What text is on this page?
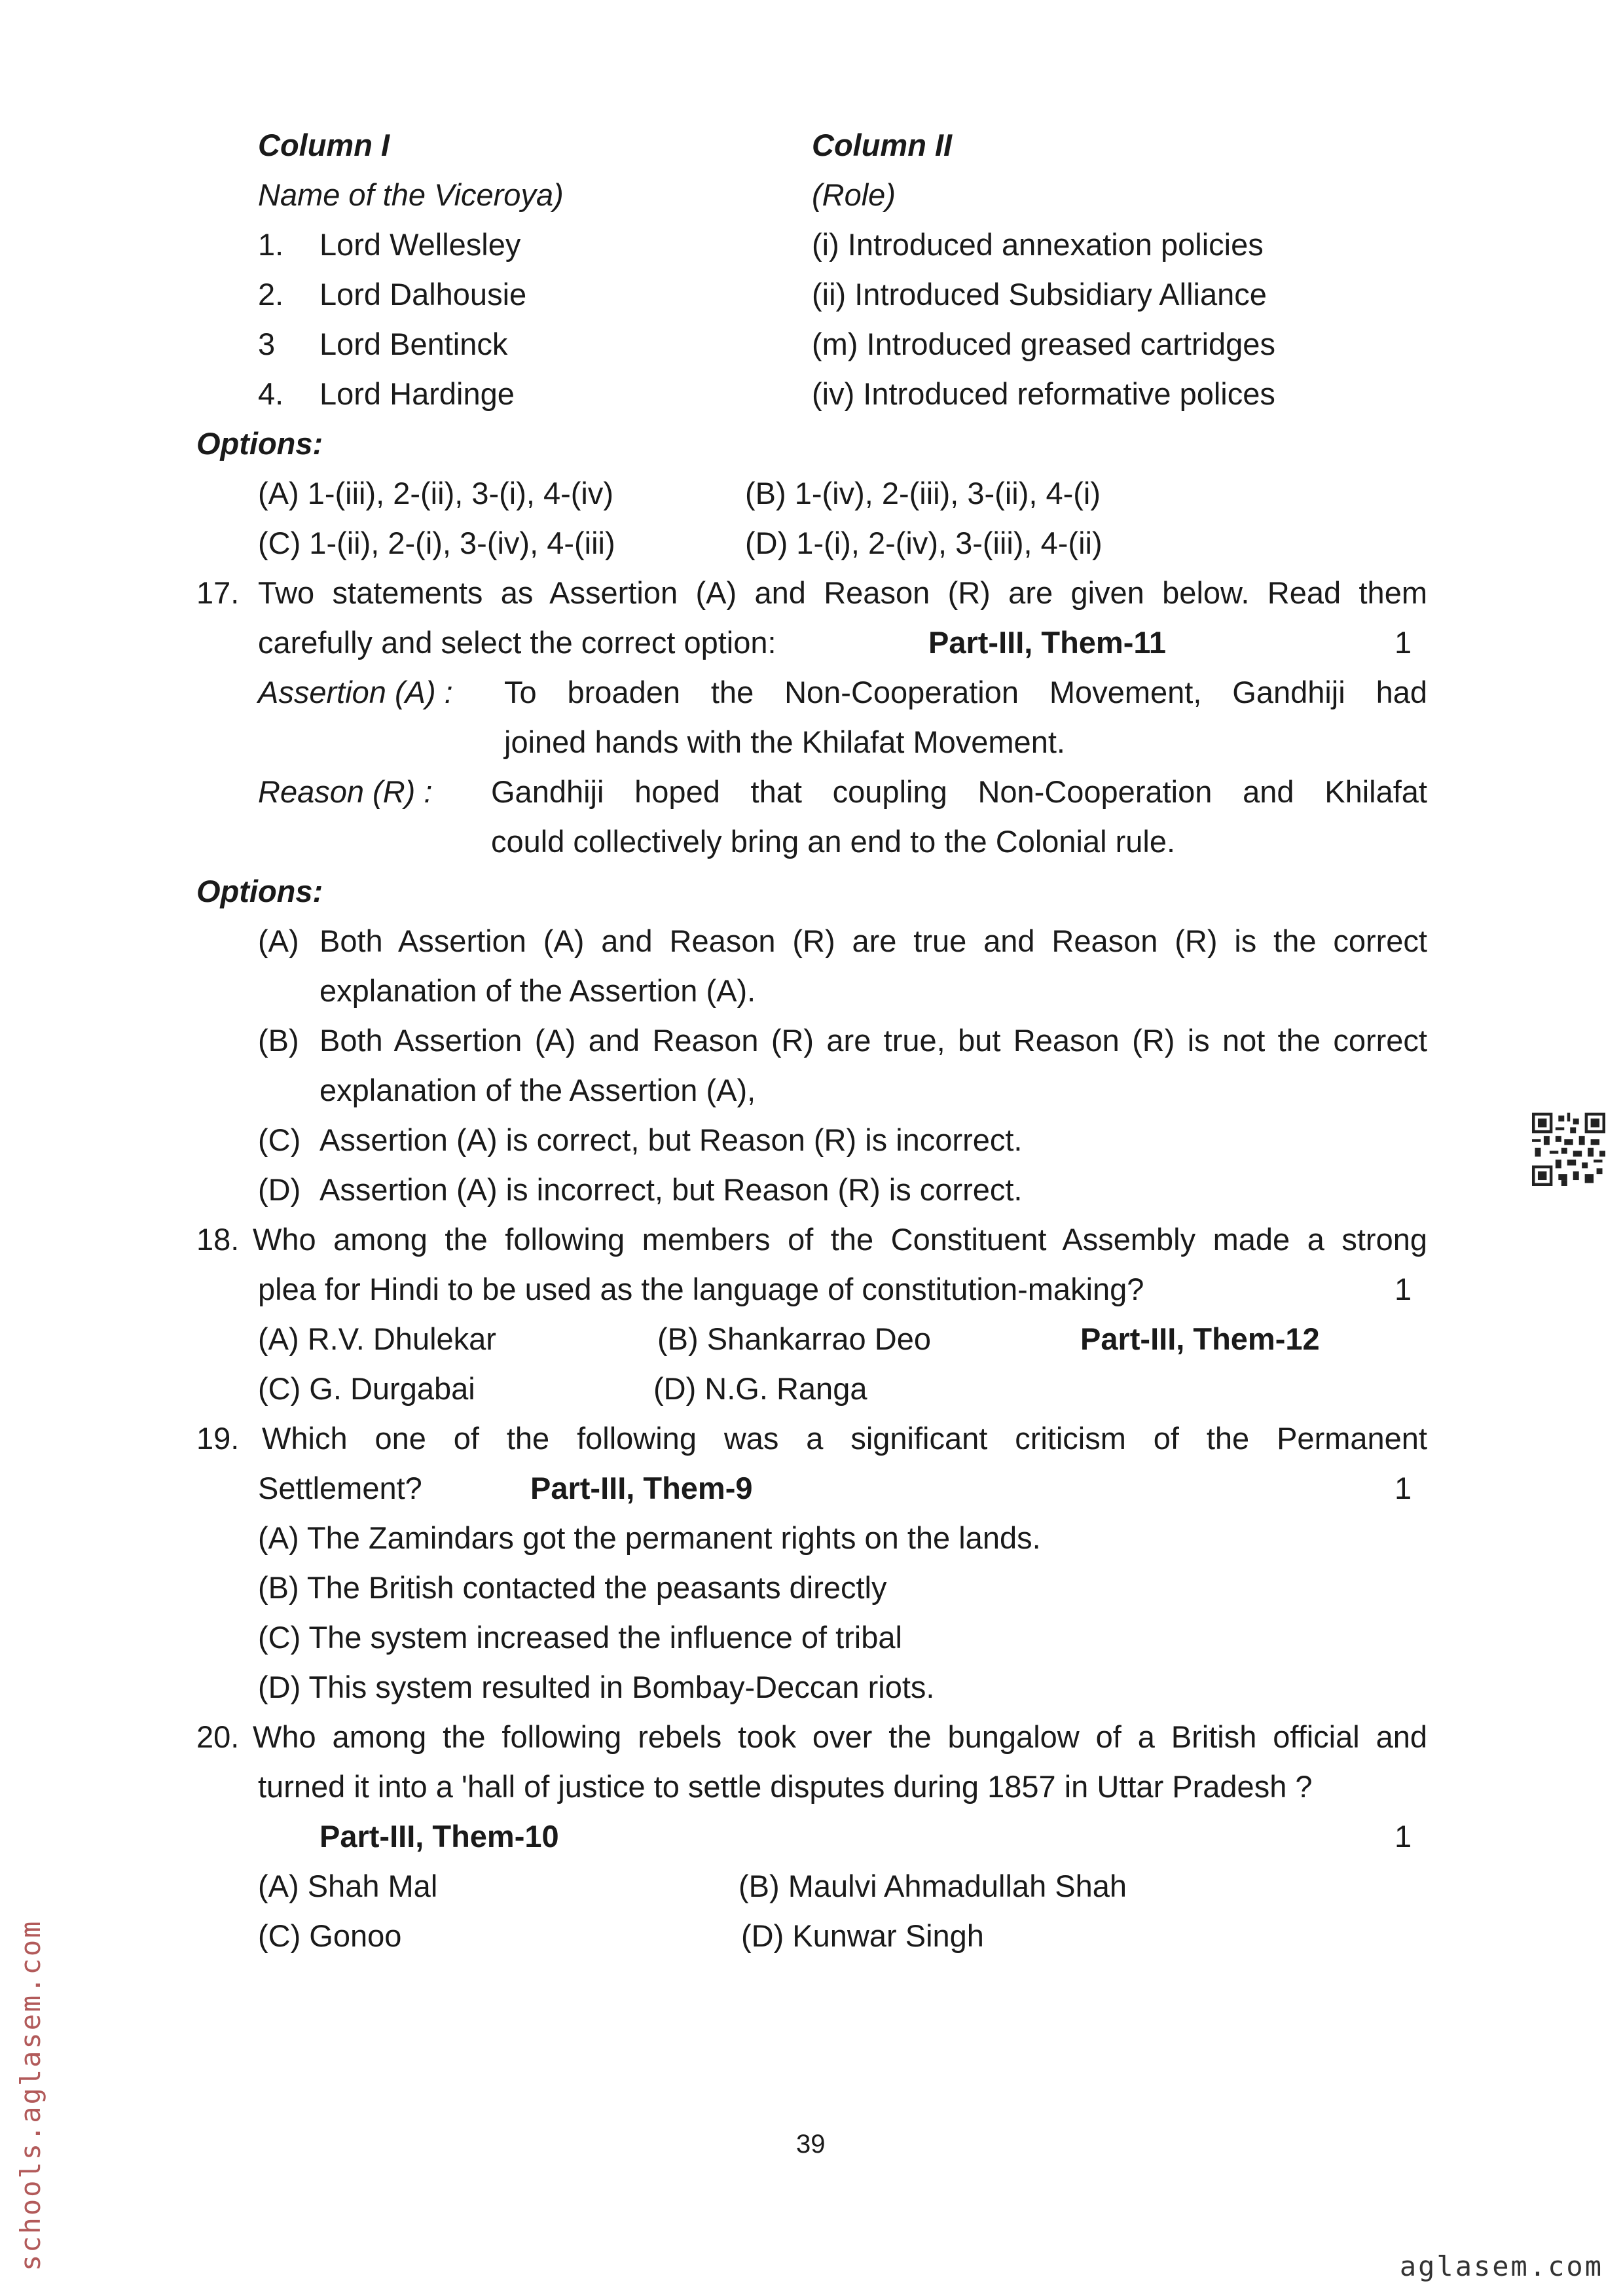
Column I	Column II
Name of the Viceroya)	(Role)
1. Lord Wellesley	(i) Introduced annexation policies
2. Lord Dalhousie	(ii) Introduced Subsidiary Alliance
3 Lord Bentinck	(m) Introduced greased cartridges
4. Lord Hardinge	(iv) Introduced reformative polices
Options:
(A) 1-(iii), 2-(ii), 3-(i), 4-(iv)	(B) 1-(iv), 2-(iii), 3-(ii), 4-(i)
(C) 1-(ii), 2-(i), 3-(iv), 4-(iii)	(D) 1-(i), 2-(iv), 3-(iii), 4-(ii)
17. Two statements as Assertion (A) and Reason (R) are given below. Read them
carefully and select the correct option:	Part-III, Them-11	1
Assertion (A) : To broaden the Non-Cooperation Movement, Gandhiji had
joined hands with the Khilafat Movement.
Reason (R) : Gandhiji hoped that coupling Non-Cooperation and Khilafat
could collectively bring an end to the Colonial rule.
Options:
(A) Both Assertion (A) and Reason (R) are true and Reason (R) is the correct
explanation of the Assertion (A).
(B) Both Assertion (A) and Reason (R) are true, but Reason (R) is not the correct
explanation of the Assertion (A),
(C) Assertion (A) is correct, but Reason (R) is incorrect.
(D) Assertion (A) is incorrect, but Reason (R) is correct.
18. Who among the following members of the Constituent Assembly made a strong
plea for Hindi to be used as the language of constitution-making?	1
(A) R.V. Dhulekar	(B) Shankarrao Deo	Part-III, Them-12
(C) G. Durgabai	(D) N.G. Ranga
19. Which one of the following was a significant criticism of the Permanent
Settlement?	Part-III, Them-9	1
(A) The Zamindars got the permanent rights on the lands.
(B) The British contacted the peasants directly
(C) The system increased the influence of tribal
(D) This system resulted in Bombay-Deccan riots.
20. Who among the following rebels took over the bungalow of a British official and
turned it into a 'hall of justice to settle disputes during 1857 in Uttar Pradesh ?
Part-III, Them-10	1
(A) Shah Mal	(B) Maulvi Ahmadullah Shah
(C) Gonoo	(D) Kunwar Singh
39
schools.aglasem.com	aglasem.com
